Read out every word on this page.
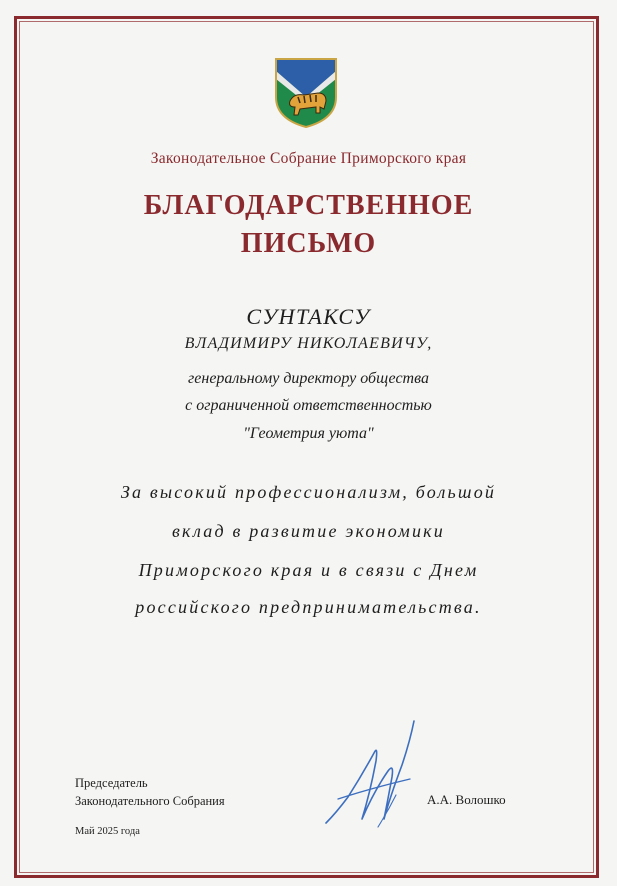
Законодательное Собрание Приморского края
БЛАГОДАРСТВЕННОЕ
ПИСЬМО
СУНТАКСУ
ВЛАДИМИРУ НИКОЛАЕВИЧУ,
генеральному директору общества
с ограниченной ответственностью
"Геометрия уюта"
За высокий профессионализм, большой
вклад в развитие экономики
Приморского края и в связи с Днем
российского предпринимательства.
Председатель
Законодательного Собрания	А.А. Волошко
Май 2025 года
